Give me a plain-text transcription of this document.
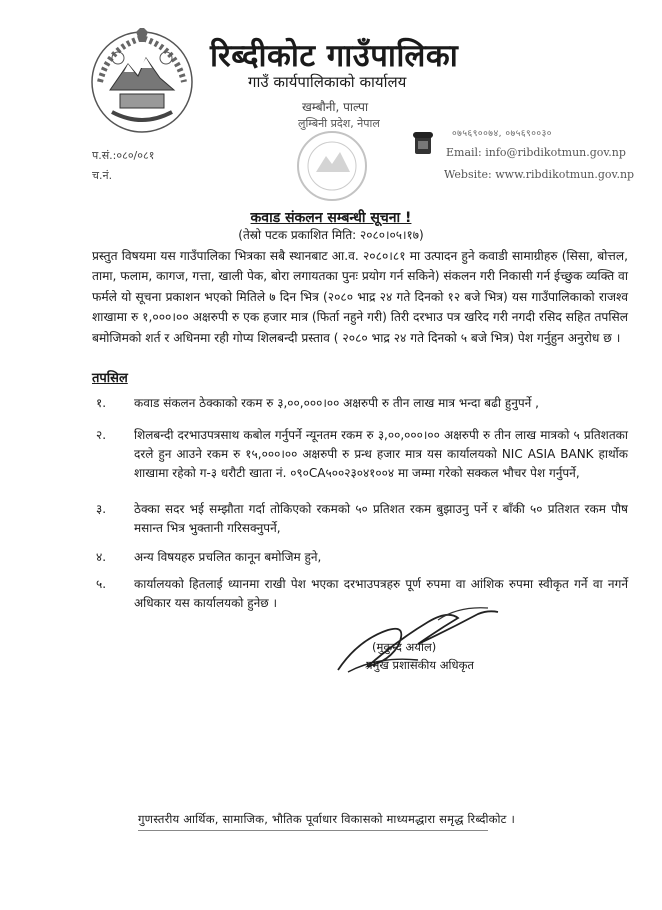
रिब्दीकोट गाउँपालिका
गाउँ कार्यपालिकाको कार्यालय
खम्बौनी, पाल्पा
लुम्बिनी प्रदेश, नेपाल
०७५६९००७४, ०७५६९००३०
Email: info@ribdikotmun.gov.np
Website: www.ribdikotmun.gov.np
प.सं.:०८०/०८१
च.नं.
कवाड संकलन सम्बन्धी सूचना !
(तेस्रो पटक प्रकाशित मिति: २०८०।०५।१७)
प्रस्तुत विषयमा यस गाउँपालिका भित्रका सबै स्थानबाट आ.व. २०८०।८१ मा उत्पादन हुने कवाडी सामाग्रीहरु (सिसा, बोत्तल, तामा, फलाम, कागज, गत्ता, खाली पेक, बोरा लगायतका पुनः प्रयोग गर्न सकिने) संकलन गरी निकासी गर्न ईच्छुक व्यक्ति वा फर्मले यो सूचना प्रकाशन भएको मितिले ७ दिन भित्र (२०८० भाद्र २४ गते दिनको १२ बजे भित्र) यस गाउँपालिकाको राजश्व शाखामा रु १,०००।०० अक्षरुपी रु एक हजार मात्र (फिर्ता नहुने गरी) तिरी दरभाउ पत्र खरिद गरी नगदी रसिद सहित तपसिल बमोजिमको शर्त र अधिनमा रही गोप्य शिलबन्दी प्रस्ताव ( २०८० भाद्र २४ गते दिनको ५ बजे भित्र) पेश गर्नुहुन अनुरोध छ ।
तपसिल
१. कवाड संकलन ठेक्काको रकम रु ३,००,०००।०० अक्षरुपी रु तीन लाख मात्र भन्दा बढी हुनुपर्ने ,
२. शिलबन्दी दरभाउपत्रसाथ कबोल गर्नुपर्ने न्यूनतम रकम रु ३,००,०००।०० अक्षरुपी रु तीन लाख मात्रको ५ प्रतिशतका दरले हुन आउने रकम रु १५,०००।०० अक्षरुपी रु प्रन्ध हजार मात्र यस कार्यालयको NIC ASIA BANK हार्थोक शाखामा रहेको ग-३ धरौटी खाता नं. ०९०CA५००२३०४१००४ मा जम्मा गरेको सक्कल भौचर पेश गर्नुपर्ने,
३. ठेक्का सदर भई सम्झौता गर्दा तोकिएको रकमको ५० प्रतिशत रकम बुझाउनु पर्ने र बाँकी ५० प्रतिशत रकम पौष मसान्त भित्र भुक्तानी गरिसक्नुपर्ने,
४. अन्य विषयहरु प्रचलित कानून बमोजिम हुने,
५. कार्यालयको हितलाई ध्यानमा राखी पेश भएका दरभाउपत्रहरु पूर्ण रुपमा वा आंशिक रुपमा स्वीकृत गर्ने वा नगर्ने अधिकार यस कार्यालयको हुनेछ ।
(मुकुन्द अर्याल)
प्रमुख प्रशासकीय अधिकृत
गुणस्तरीय आर्थिक, सामाजिक, भौतिक पूर्वाधार विकासको माध्यमद्धारा समृद्ध रिब्दीकोट ।
